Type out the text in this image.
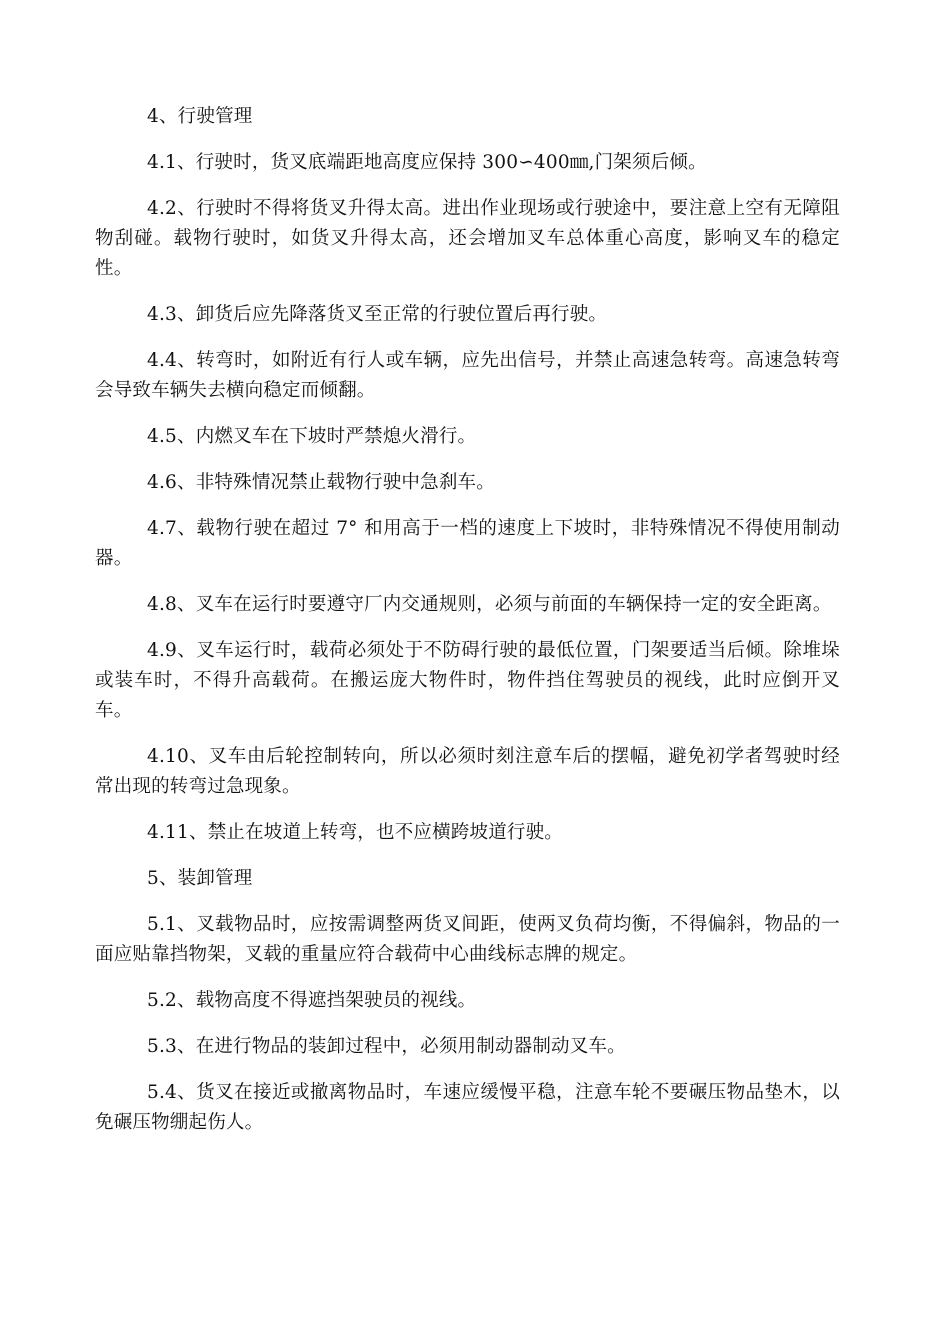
4、行驶管理

4.1、行驶时，货叉底端距地高度应保持 300∽400㎜,门架须后倾。

4.2、行驶时不得将货叉升得太高。进出作业现场或行驶途中，要注意上空有无障阻物刮碰。载物行驶时，如货叉升得太高，还会增加叉车总体重心高度，影响叉车的稳定性。

4.3、卸货后应先降落货叉至正常的行驶位置后再行驶。

4.4、转弯时，如附近有行人或车辆，应先出信号，并禁止高速急转弯。高速急转弯会导致车辆失去横向稳定而倾翻。

4.5、内燃叉车在下坡时严禁熄火滑行。

4.6、非特殊情况禁止载物行驶中急刹车。

4.7、载物行驶在超过 7° 和用高于一档的速度上下坡时，非特殊情况不得使用制动器。

4.8、叉车在运行时要遵守厂内交通规则，必须与前面的车辆保持一定的安全距离。

4.9、叉车运行时，载荷必须处于不防碍行驶的最低位置，门架要适当后倾。除堆垛或装车时，不得升高载荷。在搬运庞大物件时，物件挡住驾驶员的视线，此时应倒开叉车。

4.10、叉车由后轮控制转向，所以必须时刻注意车后的摆幅，避免初学者驾驶时经常出现的转弯过急现象。

4.11、禁止在坡道上转弯，也不应横跨坡道行驶。

5、装卸管理

5.1、叉载物品时，应按需调整两货叉间距，使两叉负荷均衡，不得偏斜，物品的一面应贴靠挡物架，叉载的重量应符合载荷中心曲线标志牌的规定。

5.2、载物高度不得遮挡架驶员的视线。

5.3、在进行物品的装卸过程中，必须用制动器制动叉车。

5.4、货叉在接近或撤离物品时，车速应缓慢平稳，注意车轮不要碾压物品垫木，以免碾压物绷起伤人。
